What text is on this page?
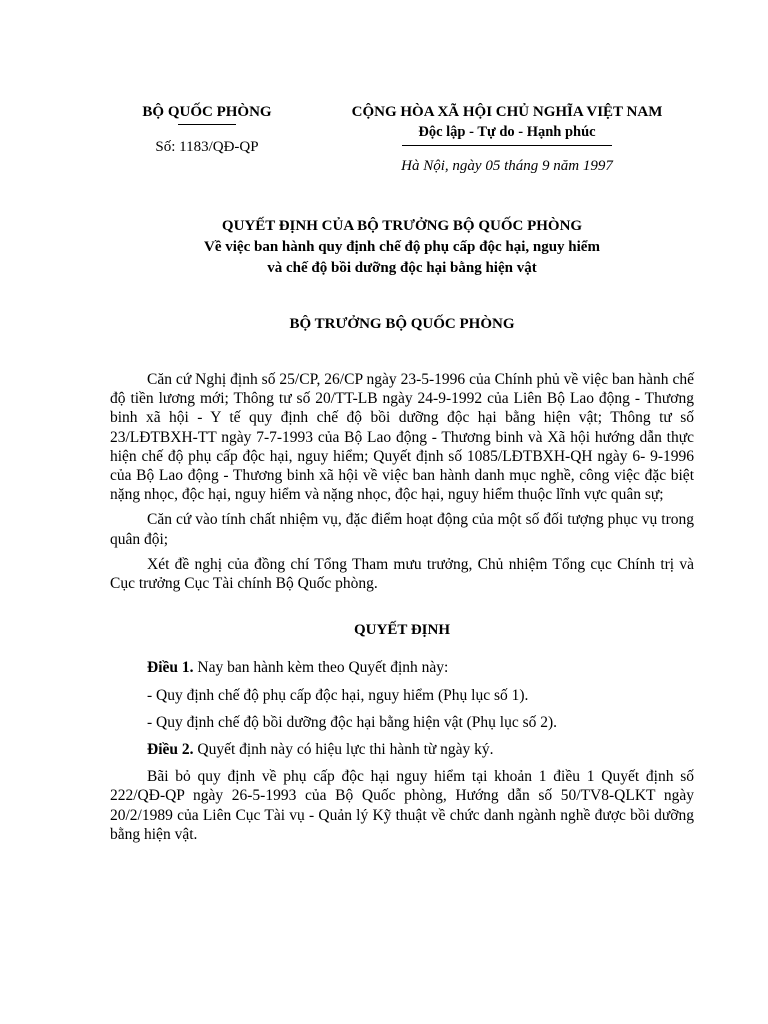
BỘ QUỐC PHÒNG
Số: 1183/QĐ-QP
CỘNG HÒA XÃ HỘI CHỦ NGHĨA VIỆT NAM
Độc lập - Tự do - Hạnh phúc
Hà Nội, ngày 05 tháng 9 năm 1997
QUYẾT ĐỊNH CỦA BỘ TRƯỞNG BỘ QUỐC PHÒNG
Về việc ban hành quy định chế độ phụ cấp độc hại, nguy hiểm
và chế độ bồi dưỡng độc hại bằng hiện vật
BỘ TRƯỞNG BỘ QUỐC PHÒNG

Căn cứ Nghị định số 25/CP, 26/CP ngày 23-5-1996 của Chính phủ về việc ban hành chế độ tiền lương mới; Thông tư số 20/TT-LB ngày 24-9-1992 của Liên Bộ Lao động - Thương binh xã hội - Y tế quy định chế độ bồi dưỡng độc hại bằng hiện vật; Thông tư số 23/LĐTBXH-TT ngày 7-7-1993 của Bộ Lao động - Thương binh và Xã hội hướng dẫn thực hiện chế độ phụ cấp độc hại, nguy hiểm; Quyết định số 1085/LĐTBXH-QH ngày 6- 9-1996 của Bộ Lao động - Thương binh xã hội về việc ban hành danh mục nghề, công việc đặc biệt nặng nhọc, độc hại, nguy hiểm và nặng nhọc, độc hại, nguy hiểm thuộc lĩnh vực quân sự;

Căn cứ vào tính chất nhiệm vụ, đặc điểm hoạt động của một số đối tượng phục vụ trong quân đội;

Xét đề nghị của đồng chí Tổng Tham mưu trưởng, Chủ nhiệm Tổng cục Chính trị và Cục trưởng Cục Tài chính Bộ Quốc phòng.

QUYẾT ĐỊNH

Điều 1. Nay ban hành kèm theo Quyết định này:

- Quy định chế độ phụ cấp độc hại, nguy hiểm (Phụ lục số 1).

- Quy định chế độ bồi dưỡng độc hại bằng hiện vật (Phụ lục số 2).

Điều 2. Quyết định này có hiệu lực thi hành từ ngày ký.

Bãi bỏ quy định về phụ cấp độc hại nguy hiểm tại khoản 1 điều 1 Quyết định số 222/QĐ-QP ngày 26-5-1993 của Bộ Quốc phòng, Hướng dẫn số 50/TV8-QLKT ngày 20/2/1989 của Liên Cục Tài vụ - Quản lý Kỹ thuật về chức danh ngành nghề được bồi dưỡng bằng hiện vật.
